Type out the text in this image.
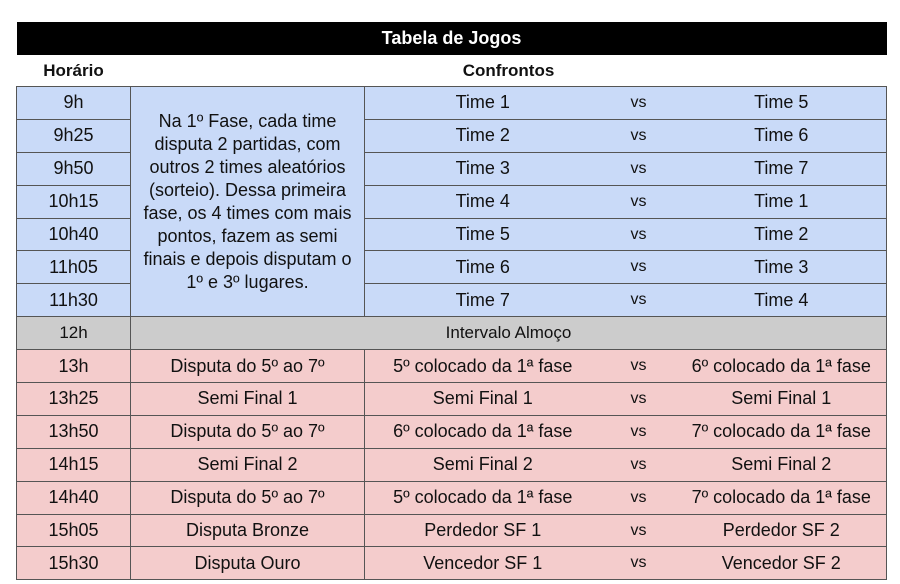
Tabela de Jogos				
Horário	Confrontos			
9h	Na 1º Fase, cada time disputa 2 partidas, com outros 2 times aleatórios (sorteio). Dessa primeira fase, os 4 times com mais pontos, fazem as semi finais e depois disputam o 1º e 3º lugares.	Time 1	vs	Time 5
9h25		Time 2	vs	Time 6
9h50		Time 3	vs	Time 7
10h15		Time 4	vs	Time 1
10h40		Time 5	vs	Time 2
11h05		Time 6	vs	Time 3
11h30		Time 7	vs	Time 4
12h	Intervalo Almoço			
13h	Disputa do 5º ao 7º	5º colocado da 1ª fase	vs	6º colocado da 1ª fase
13h25	Semi Final 1	Semi Final 1	vs	Semi Final 1
13h50	Disputa do 5º ao 7º	6º colocado da 1ª fase	vs	7º colocado da 1ª fase
14h15	Semi Final 2	Semi Final 2	vs	Semi Final 2
14h40	Disputa do 5º ao 7º	5º colocado da 1ª fase	vs	7º colocado da 1ª fase
15h05	Disputa Bronze	Perdedor SF 1	vs	Perdedor SF 2
15h30	Disputa Ouro	Vencedor SF 1	vs	Vencedor SF 2
